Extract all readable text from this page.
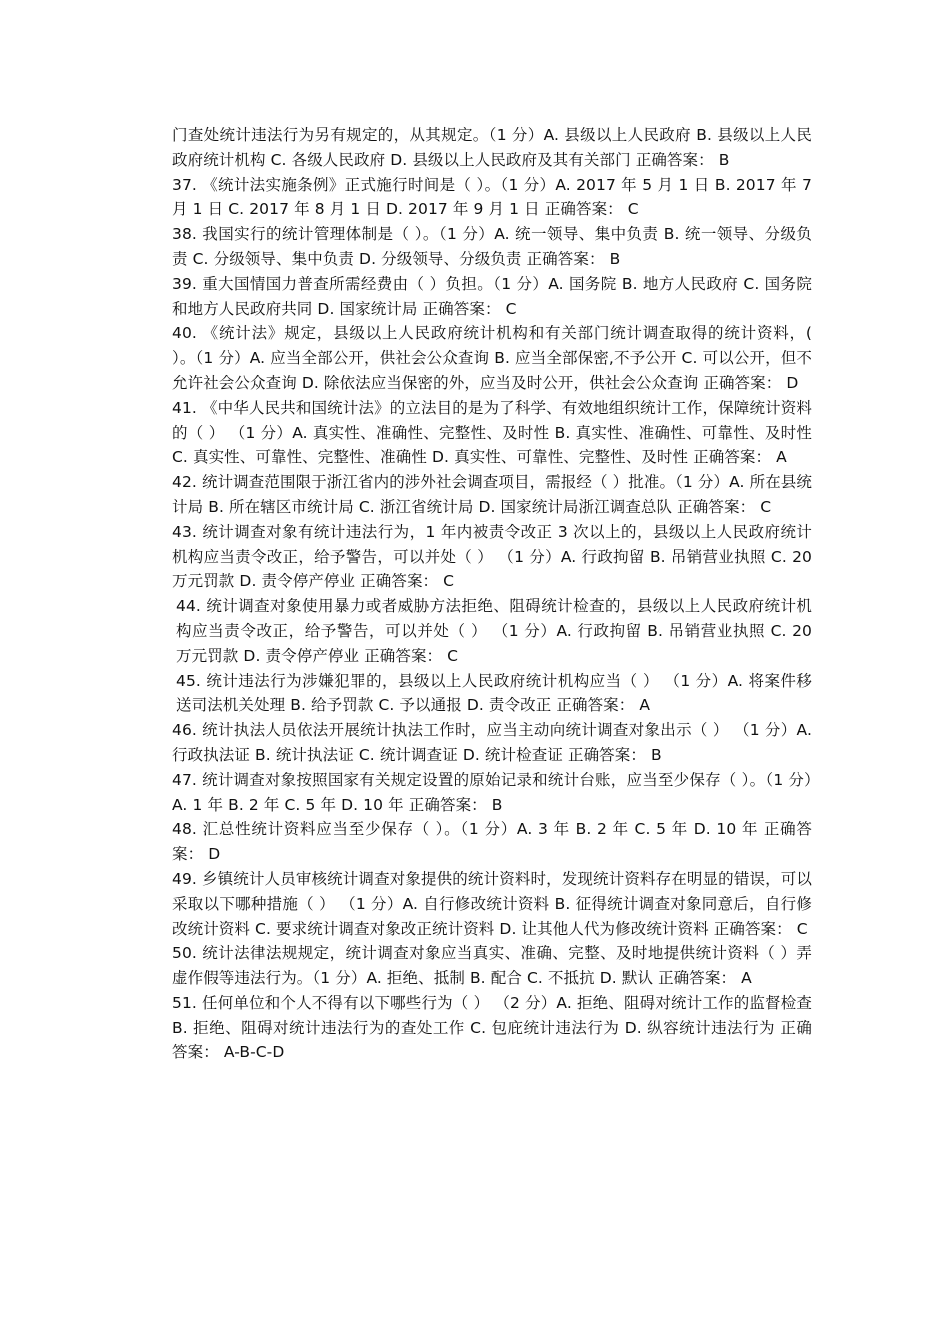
门查处统计违法行为另有规定的，从其规定。（1 分）A. 县级以上人民政府 B. 县级以上人民政府统计机构 C. 各级人民政府 D. 县级以上人民政府及其有关部门 正确答案： B

37. 《统计法实施条例》正式施行时间是（ ）。（1 分）A. 2017 年 5 月 1 日 B. 2017 年 7 月 1 日 C. 2017 年 8 月 1 日 D. 2017 年 9 月 1 日 正确答案： C

38. 我国实行的统计管理体制是（ ）。（1 分）A. 统一领导、集中负责 B. 统一领导、分级负责 C. 分级领导、集中负责 D. 分级领导、分级负责 正确答案： B

39. 重大国情国力普查所需经费由（ ）负担。（1 分）A. 国务院 B. 地方人民政府 C. 国务院和地方人民政府共同 D. 国家统计局 正确答案： C

40. 《统计法》规定，县级以上人民政府统计机构和有关部门统计调查取得的统计资料，( ）。（1 分）A. 应当全部公开，供社会公众查询 B. 应当全部保密,不予公开 C. 可以公开，但不允许社会公众查询 D. 除依法应当保密的外，应当及时公开，供社会公众查询 正确答案： D

41. 《中华人民共和国统计法》的立法目的是为了科学、有效地组织统计工作，保障统计资料的（ ） （1 分）A. 真实性、准确性、完整性、及时性 B. 真实性、准确性、可靠性、及时性 C. 真实性、可靠性、完整性、准确性 D. 真实性、可靠性、完整性、及时性 正确答案： A

42. 统计调查范围限于浙江省内的涉外社会调查项目，需报经（ ）批准。（1 分）A. 所在县统计局 B. 所在辖区市统计局 C. 浙江省统计局 D. 国家统计局浙江调查总队 正确答案： C

43. 统计调查对象有统计违法行为，1 年内被责令改正 3 次以上的，县级以上人民政府统计机构应当责令改正，给予警告，可以并处（ ） （1 分）A. 行政拘留 B. 吊销营业执照 C. 20 万元罚款 D. 责令停产停业 正确答案： C

44. 统计调查对象使用暴力或者威胁方法拒绝、阻碍统计检查的，县级以上人民政府统计机构应当责令改正，给予警告，可以并处（ ） （1 分）A. 行政拘留 B. 吊销营业执照 C. 20 万元罚款 D. 责令停产停业 正确答案： C

45. 统计违法行为涉嫌犯罪的，县级以上人民政府统计机构应当（ ） （1 分）A. 将案件移送司法机关处理 B. 给予罚款 C. 予以通报 D. 责令改正 正确答案： A

46. 统计执法人员依法开展统计执法工作时，应当主动向统计调查对象出示（ ） （1 分）A. 行政执法证 B. 统计执法证 C. 统计调查证 D. 统计检查证 正确答案： B

47. 统计调查对象按照国家有关规定设置的原始记录和统计台账，应当至少保存（ ）。（1 分）A. 1 年 B. 2 年 C. 5 年 D. 10 年 正确答案： B

48. 汇总性统计资料应当至少保存（ ）。（1 分）A. 3 年 B. 2 年 C. 5 年 D. 10 年 正确答案： D

49. 乡镇统计人员审核统计调查对象提供的统计资料时，发现统计资料存在明显的错误，可以采取以下哪种措施（ ） （1 分）A. 自行修改统计资料 B. 征得统计调查对象同意后，自行修改统计资料 C. 要求统计调查对象改正统计资料 D. 让其他人代为修改统计资料 正确答案： C

50. 统计法律法规规定，统计调查对象应当真实、准确、完整、及时地提供统计资料（ ）弄虚作假等违法行为。（1 分）A. 拒绝、抵制 B. 配合 C. 不抵抗 D. 默认 正确答案： A

51. 任何单位和个人不得有以下哪些行为（ ） （2 分）A. 拒绝、阻碍对统计工作的监督检查 B. 拒绝、阻碍对统计违法行为的查处工作 C. 包庇统计违法行为 D. 纵容统计违法行为 正确答案： A-B-C-D
